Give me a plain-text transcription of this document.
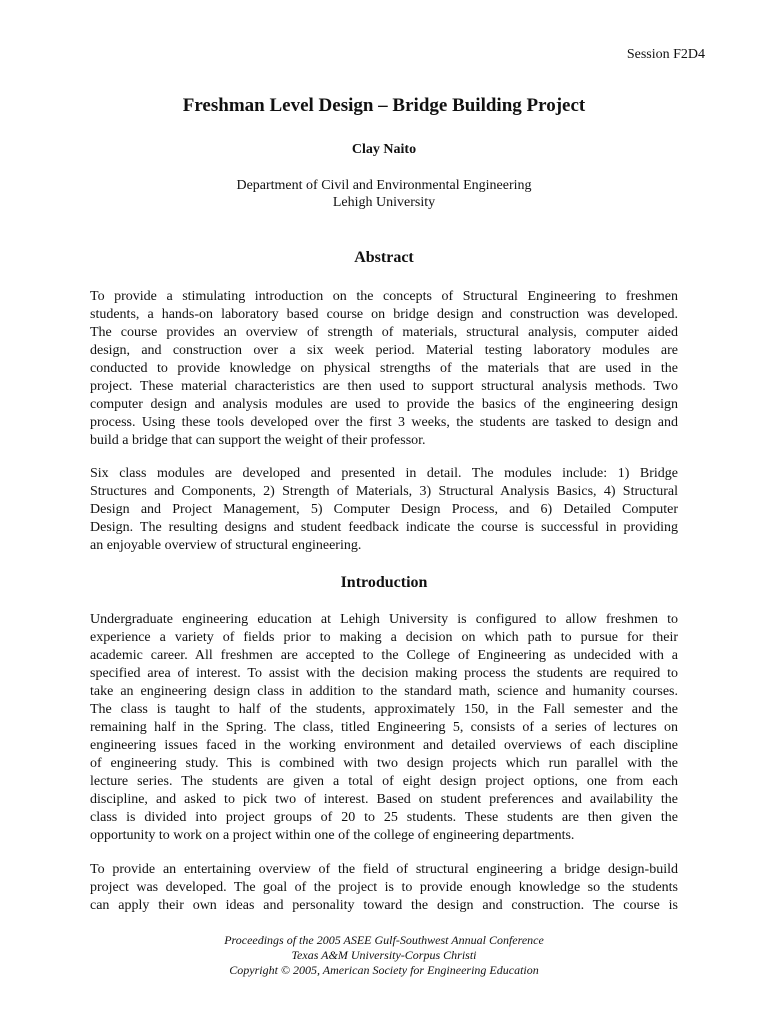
Session F2D4
Freshman Level Design – Bridge Building Project
Clay Naito
Department of Civil and Environmental Engineering
Lehigh University
Abstract
To provide a stimulating introduction on the concepts of Structural Engineering to freshmen
students, a hands-on laboratory based course on bridge design and construction was developed.
The course provides an overview of strength of materials, structural analysis, computer aided
design, and construction over a six week period. Material testing laboratory modules are
conducted to provide knowledge on physical strengths of the materials that are used in the
project. These material characteristics are then used to support structural analysis methods. Two
computer design and analysis modules are used to provide the basics of the engineering design
process. Using these tools developed over the first 3 weeks, the students are tasked to design and
build a bridge that can support the weight of their professor.
Six class modules are developed and presented in detail. The modules include: 1) Bridge
Structures and Components, 2) Strength of Materials, 3) Structural Analysis Basics, 4) Structural
Design and Project Management, 5) Computer Design Process, and 6) Detailed Computer
Design. The resulting designs and student feedback indicate the course is successful in providing
an enjoyable overview of structural engineering.
Introduction
Undergraduate engineering education at Lehigh University is configured to allow freshmen to
experience a variety of fields prior to making a decision on which path to pursue for their
academic career. All freshmen are accepted to the College of Engineering as undecided with a
specified area of interest. To assist with the decision making process the students are required to
take an engineering design class in addition to the standard math, science and humanity courses.
The class is taught to half of the students, approximately 150, in the Fall semester and the
remaining half in the Spring. The class, titled Engineering 5, consists of a series of lectures on
engineering issues faced in the working environment and detailed overviews of each discipline
of engineering study. This is combined with two design projects which run parallel with the
lecture series. The students are given a total of eight design project options, one from each
discipline, and asked to pick two of interest. Based on student preferences and availability the
class is divided into project groups of 20 to 25 students. These students are then given the
opportunity to work on a project within one of the college of engineering departments.
To provide an entertaining overview of the field of structural engineering a bridge design-build
project was developed. The goal of the project is to provide enough knowledge so the students
can apply their own ideas and personality toward the design and construction. The course is
Proceedings of the 2005 ASEE Gulf-Southwest Annual Conference
Texas A&M University-Corpus Christi
Copyright © 2005, American Society for Engineering Education
